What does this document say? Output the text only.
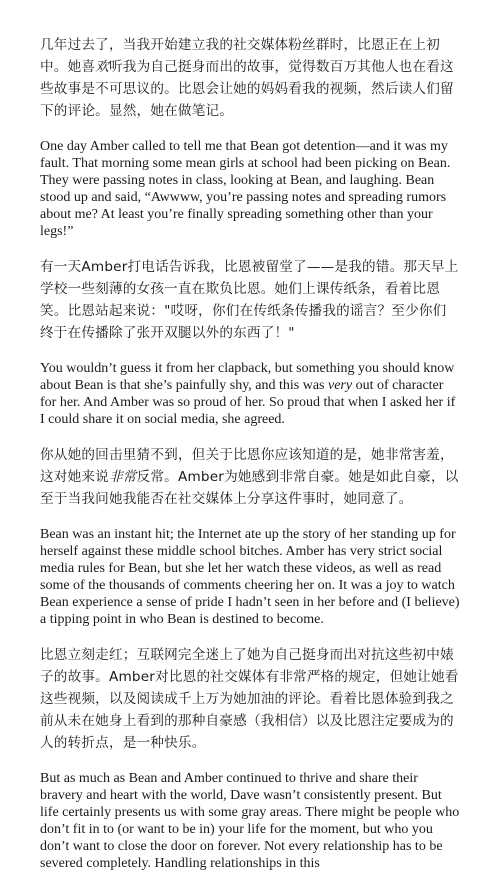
几年过去了，当我开始建立我的社交媒体粉丝群时，比恩正在上初中。她喜欢听我为自己挺身而出的故事，觉得数百万其他人也在看这些故事是不可思议的。比恩会让她的妈妈看我的视频，然后读人们留下的评论。显然，她在做笔记。

One day Amber called to tell me that Bean got detention—and it was my fault. That morning some mean girls at school had been picking on Bean. They were passing notes in class, looking at Bean, and laughing. Bean stood up and said, “Awwww, you’re passing notes and spreading rumors about me? At least you’re finally spreading something other than your legs!”

有一天Amber打电话告诉我，比恩被留堂了——是我的错。那天早上学校一些刻薄的女孩一直在欺负比恩。她们上课传纸条，看着比恩笑。比恩站起来说："哎呀，你们在传纸条传播我的谣言？至少你们终于在传播除了张开双腿以外的东西了！"

You wouldn’t guess it from her clapback, but something you should know about Bean is that she’s painfully shy, and this was very out of character for her. And Amber was so proud of her. So proud that when I asked her if I could share it on social media, she agreed.

你从她的回击里猜不到，但关于比恩你应该知道的是，她非常害羞，这对她来说非常反常。Amber为她感到非常自豪。她是如此自豪，以至于当我问她我能否在社交媒体上分享这件事时，她同意了。

Bean was an instant hit; the Internet ate up the story of her standing up for herself against these middle school bitches. Amber has very strict social media rules for Bean, but she let her watch these videos, as well as read some of the thousands of comments cheering her on. It was a joy to watch Bean experience a sense of pride I hadn’t seen in her before and (I believe) a tipping point in who Bean is destined to become.

比恩立刻走红；互联网完全迷上了她为自己挺身而出对抗这些初中婊子的故事。Amber对比恩的社交媒体有非常严格的规定，但她让她看这些视频，以及阅读成千上万为她加油的评论。看着比恩体验到我之前从未在她身上看到的那种自豪感（我相信）以及比恩注定要成为的人的转折点，是一种快乐。

But as much as Bean and Amber continued to thrive and share their bravery and heart with the world, Dave wasn’t consistently present. But life certainly presents us with some gray areas. There might be people who don’t fit in to (or want to be in) your life for the moment, but who you don’t want to close the door on forever. Not every relationship has to be severed completely. Handling relationships in this
